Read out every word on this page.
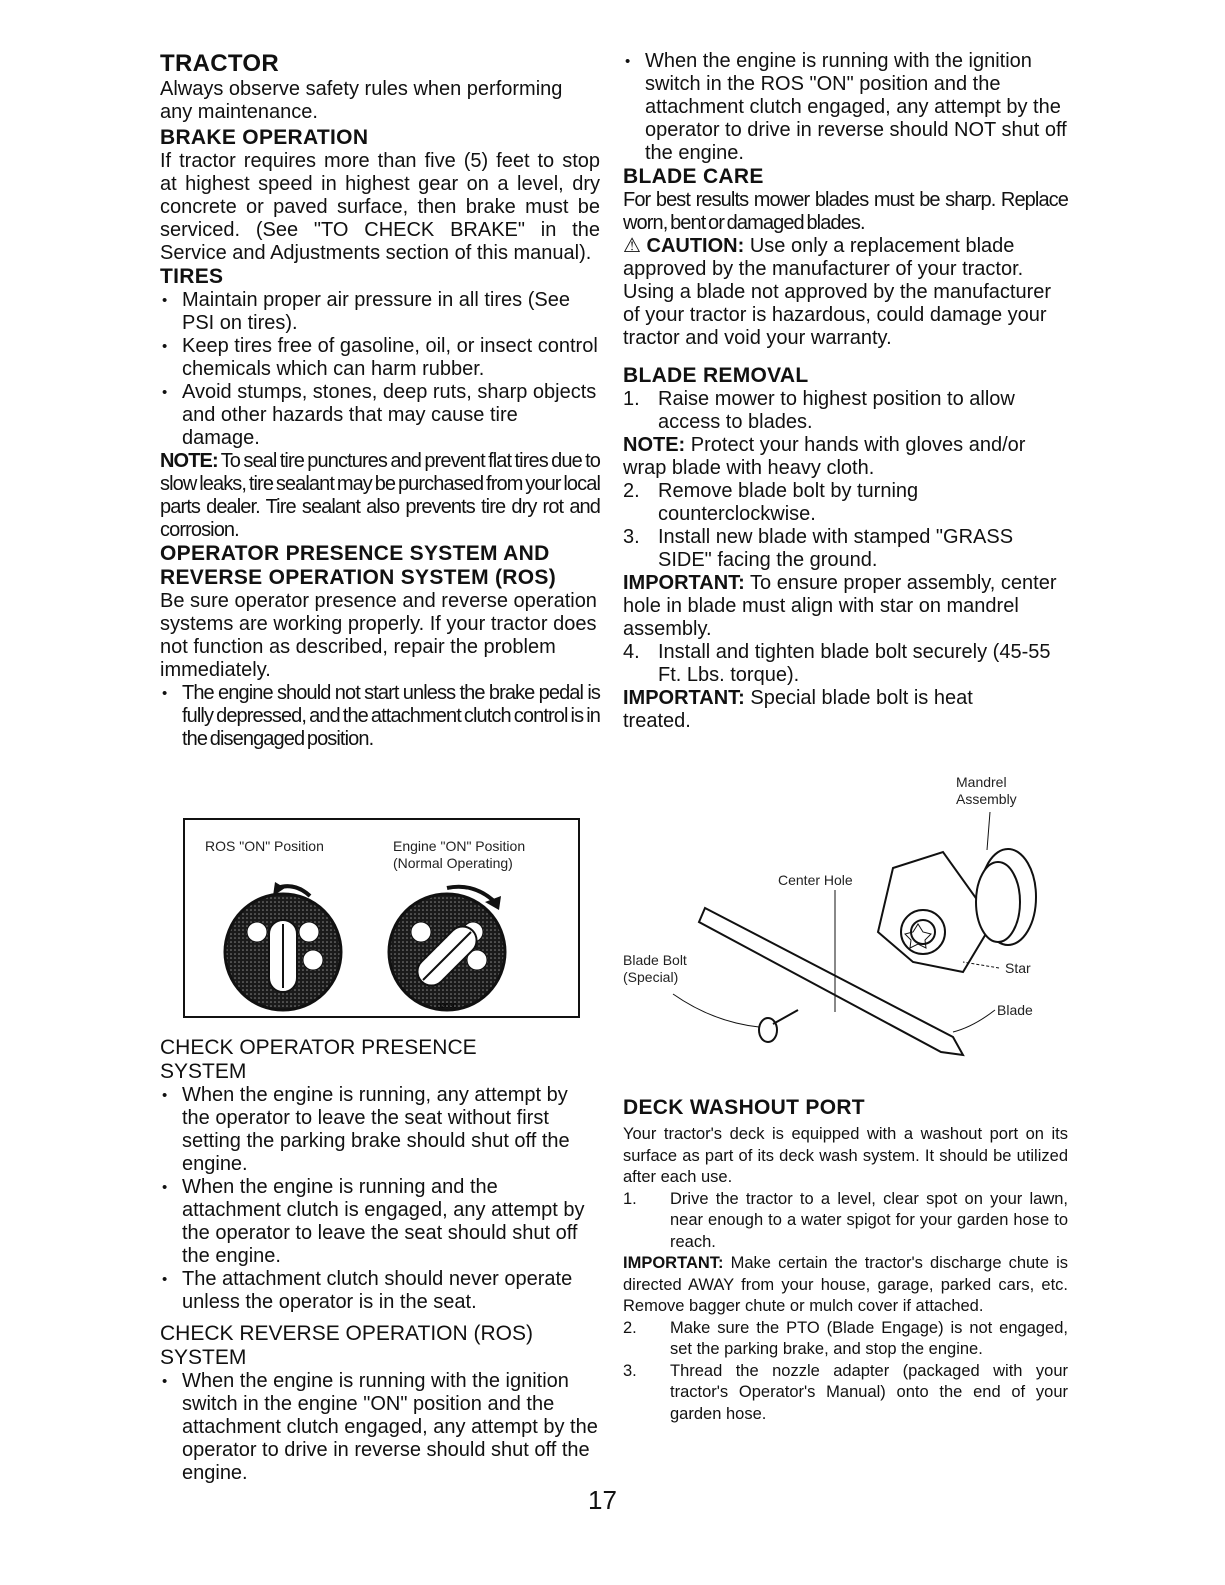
TRACTOR

Always observe safety rules when performing any maintenance.

BRAKE OPERATION

If tractor requires more than five (5) feet to stop at highest speed in highest gear on a level, dry concrete or paved surface, then brake must be serviced. (See "TO CHECK BRAKE" in the Service and Adjustments section of this manual).

TIRES

• Maintain proper air pressure in all tires (See PSI on tires).

• Keep tires free of gasoline, oil, or insect control chemicals which can harm rubber.

• Avoid stumps, stones, deep ruts, sharp objects and other hazards that may cause tire damage.

NOTE: To seal tire punctures and prevent flat tires due to slow leaks, tire sealant may be purchased from your local parts dealer. Tire sealant also prevents tire dry rot and corrosion.

OPERATOR PRESENCE SYSTEM AND

REVERSE OPERATION SYSTEM (ROS)

Be sure operator presence and reverse operation systems are working properly. If your tractor does not function as described, repair the problem immediately.

• The engine should not start unless the brake pedal is fully depressed, and the attachment clutch control is in the disengaged position.

ROS "ON" Position	Engine "ON" Position
(Normal Operating)
02630

CHECK OPERATOR PRESENCE SYSTEM

• When the engine is running, any attempt by the operator to leave the seat without first setting the parking brake should shut off the engine.

• When the engine is running and the attachment clutch is engaged, any attempt by the operator to leave the seat should shut off the engine.

• The attachment clutch should never operate unless the operator is in the seat.

CHECK REVERSE OPERATION (ROS) SYSTEM

• When the engine is running with the ignition switch in the engine "ON" position and the attachment clutch engaged, any attempt by the operator to drive in reverse should shut off the engine.

• When the engine is running with the ignition switch in the ROS "ON" position and the attachment clutch engaged, any attempt by the operator to drive in reverse should NOT shut off the engine.

BLADE CARE

For best results mower blades must be sharp. Replace worn, bent or damaged blades.

⚠ CAUTION: Use only a replacement blade approved by the manufacturer of your tractor. Using a blade not approved by the manufacturer of your tractor is hazardous, could damage your tractor and void your warranty.

BLADE REMOVAL

1. Raise mower to highest position to allow access to blades.

NOTE: Protect your hands with gloves and/or wrap blade with heavy cloth.

2. Remove blade bolt by turning counterclockwise.

3. Install new blade with stamped "GRASS SIDE" facing the ground.

IMPORTANT: To ensure proper assembly, center hole in blade must align with star on mandrel assembly.

4. Install and tighten blade bolt securely (45-55 Ft. Lbs. torque).

IMPORTANT: Special blade bolt is heat treated.

Mandrel
Assembly
Center Hole
Blade Bolt
(Special)
Star
Blade

DECK WASHOUT PORT

Your tractor's deck is equipped with a washout port on its surface as part of its deck wash system. It should be utilized after each use.

1. Drive the tractor to a level, clear spot on your lawn, near enough to a water spigot for your garden hose to reach.

IMPORTANT: Make certain the tractor's discharge chute is directed AWAY from your house, garage, parked cars, etc. Remove bagger chute or mulch cover if attached.

2. Make sure the PTO (Blade Engage) is not engaged, set the parking brake, and stop the engine.

3. Thread the nozzle adapter (packaged with your tractor's Operator's Manual) onto the end of your garden hose.

17
